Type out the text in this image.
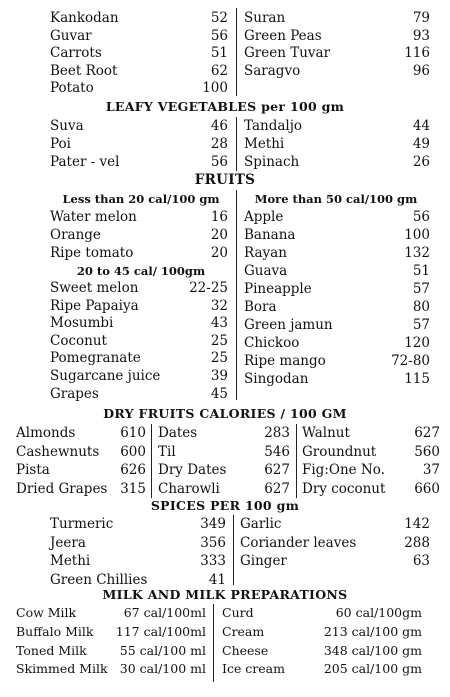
Kankodan	52
Guvar	56
Carrots	51
Beet Root	62
Potato	100
Suran	79
Green Peas	93
Green Tuvar	116
Saragvo	96
LEAFY VEGETABLES per 100 gm
Suva	46
Poi	28
Pater - vel	56
Tandaljo	44
Methi	49
Spinach	26
FRUITS
Less than 20 cal/100 gm	More than 50 cal/100 gm
Water melon	16
Orange	20
Ripe tomato	20
20 to 45 cal/ 100gm
Sweet melon	22-25
Ripe Papaiya	32
Mosumbi	43
Coconut	25
Pomegranate	25
Sugarcane juice	39
Grapes	45
Apple	56
Banana	100
Rayan	132
Guava	51
Pineapple	57
Bora	80
Green jamun	57
Chickoo	120
Ripe mango	72-80
Singodan	115
DRY FRUITS CALORIES / 100 GM
Almonds	610
Cashewnuts 600
Pista	626
Dried Grapes 315
Dates	283
Til	546
Dry Dates	627
Charowli	627
Walnut	627
Groundnut	560
Fig:One No.	37
Dry coconut 660
SPICES PER 100 gm
Turmeric	349
Jeera	356
Methi	333
Green Chillies	41
Garlic	142
Coriander leaves	288
Ginger	63
MILK AND MILK PREPARATIONS
Cow Milk	67 cal/100ml
Buffalo Milk 117 cal/100ml
Toned Milk	55 cal/100 ml
Skimmed Milk 30 cal/100 ml
Curd	60 cal/100gm
Cream	213 cal/100 gm
Cheese	348 cal/100 gm
Ice cream	205 cal/100 gm
